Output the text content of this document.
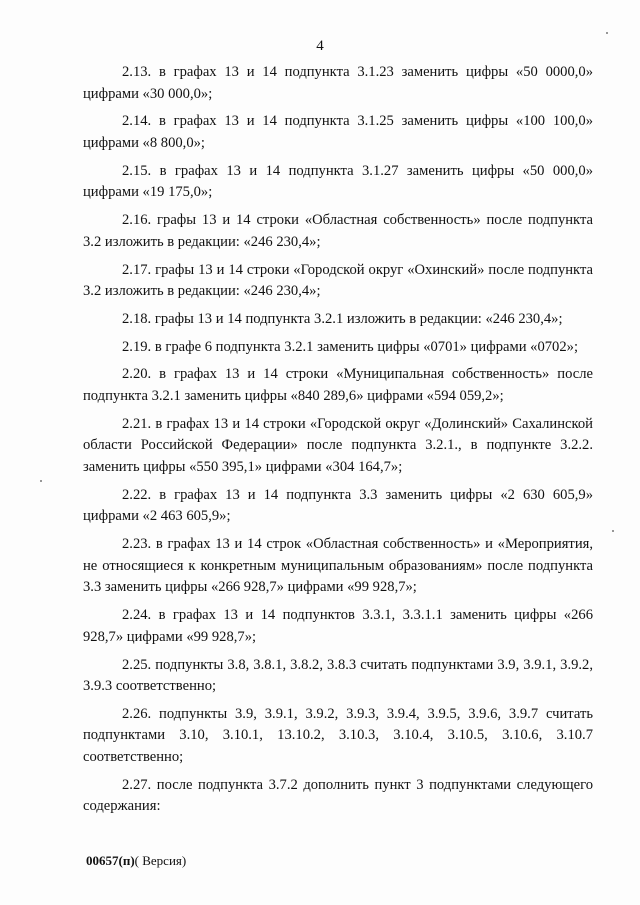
4

2.13. в графах 13 и 14 подпункта 3.1.23 заменить цифры «50 0000,0» цифрами «30 000,0»;

2.14. в графах 13 и 14 подпункта 3.1.25 заменить цифры «100 100,0» цифрами «8 800,0»;

2.15. в графах 13 и 14 подпункта 3.1.27 заменить цифры «50 000,0» цифрами «19 175,0»;

2.16. графы 13 и 14 строки «Областная собственность» после подпункта 3.2 изложить в редакции: «246 230,4»;

2.17. графы 13 и 14 строки «Городской округ «Охинский» после подпункта 3.2 изложить в редакции: «246 230,4»;

2.18. графы 13 и 14 подпункта 3.2.1 изложить в редакции: «246 230,4»;

2.19. в графе 6 подпункта 3.2.1 заменить цифры «0701» цифрами «0702»;

2.20. в графах 13 и 14 строки «Муниципальная собственность» после подпункта 3.2.1 заменить цифры «840 289,6» цифрами «594 059,2»;

2.21. в графах 13 и 14 строки «Городской округ «Долинский» Сахалинской области Российской Федерации» после подпункта 3.2.1., в подпункте 3.2.2. заменить цифры «550 395,1» цифрами «304 164,7»;

2.22. в графах 13 и 14 подпункта 3.3 заменить цифры «2 630 605,9» цифрами «2 463 605,9»;

2.23. в графах 13 и 14 строк «Областная собственность» и «Мероприятия, не относящиеся к конкретным муниципальным образованиям» после подпункта 3.3 заменить цифры «266 928,7» цифрами «99 928,7»;

2.24. в графах 13 и 14 подпунктов 3.3.1, 3.3.1.1 заменить цифры «266 928,7» цифрами «99 928,7»;

2.25. подпункты 3.8, 3.8.1, 3.8.2, 3.8.3 считать подпунктами 3.9, 3.9.1, 3.9.2, 3.9.3 соответственно;

2.26. подпункты 3.9, 3.9.1, 3.9.2, 3.9.3, 3.9.4, 3.9.5, 3.9.6, 3.9.7 считать подпунктами 3.10, 3.10.1, 13.10.2, 3.10.3, 3.10.4, 3.10.5, 3.10.6, 3.10.7 соответственно;

2.27. после подпункта 3.7.2 дополнить пункт 3 подпунктами следующего содержания:

00657(п)( Версия)
